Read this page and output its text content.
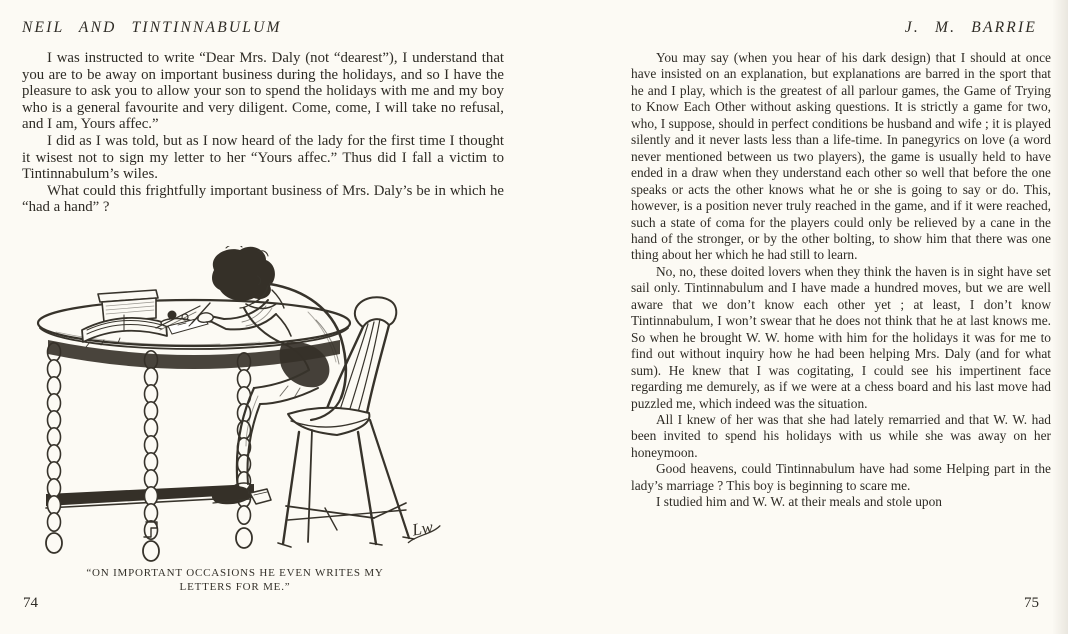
NEIL AND TINTINNABULUM

I was instructed to write “Dear Mrs. Daly (not “dearest”), I understand that you are to be away on important business during the holidays, and so I have the pleasure to ask you to allow your son to spend the holidays with me and my boy who is a general favourite and very diligent. Come, come, I will take no refusal, and I am, Yours affec.”

I did as I was told, but as I now heard of the lady for the first time I thought it wisest not to sign my letter to her “Yours affec.” Thus did I fall a victim to Tintinnabulum’s wiles.

What could this frightfully important business of Mrs. Daly’s be in which he “had a hand” ?

Lw
“ON IMPORTANT OCCASIONS HE EVEN WRITES MY
LETTERS FOR ME.”
74
J. M. BARRIE

You may say (when you hear of his dark design) that I should at once have insisted on an explanation, but explanations are barred in the sport that he and I play, which is the greatest of all parlour games, the Game of Trying to Know Each Other without asking questions. It is strictly a game for two, who, I suppose, should in perfect conditions be husband and wife ; it is played silently and it never lasts less than a life-time. In panegyrics on love (a word never mentioned between us two players), the game is usually held to have ended in a draw when they understand each other so well that before the one speaks or acts the other knows what he or she is going to say or do. This, however, is a position never truly reached in the game, and if it were reached, such a state of coma for the players could only be relieved by a cane in the hand of the stronger, or by the other bolting, to show him that there was one thing about her which he had still to learn.

No, no, these doited lovers when they think the haven is in sight have set sail only. Tintinnabulum and I have made a hundred moves, but we are well aware that we don’t know each other yet ; at least, I don’t know Tintinnabulum, I won’t swear that he does not think that he at last knows me. So when he brought W. W. home with him for the holidays it was for me to find out without inquiry how he had been helping Mrs. Daly (and for what sum). He knew that I was cogitating, I could see his impertinent face regarding me demurely, as if we were at a chess board and his last move had puzzled me, which indeed was the situation.

All I knew of her was that she had lately remarried and that W. W. had been invited to spend his holidays with us while she was away on her honeymoon.

Good heavens, could Tintinnabulum have had some Helping part in the lady’s marriage ? This boy is beginning to scare me.

I studied him and W. W. at their meals and stole upon

75
